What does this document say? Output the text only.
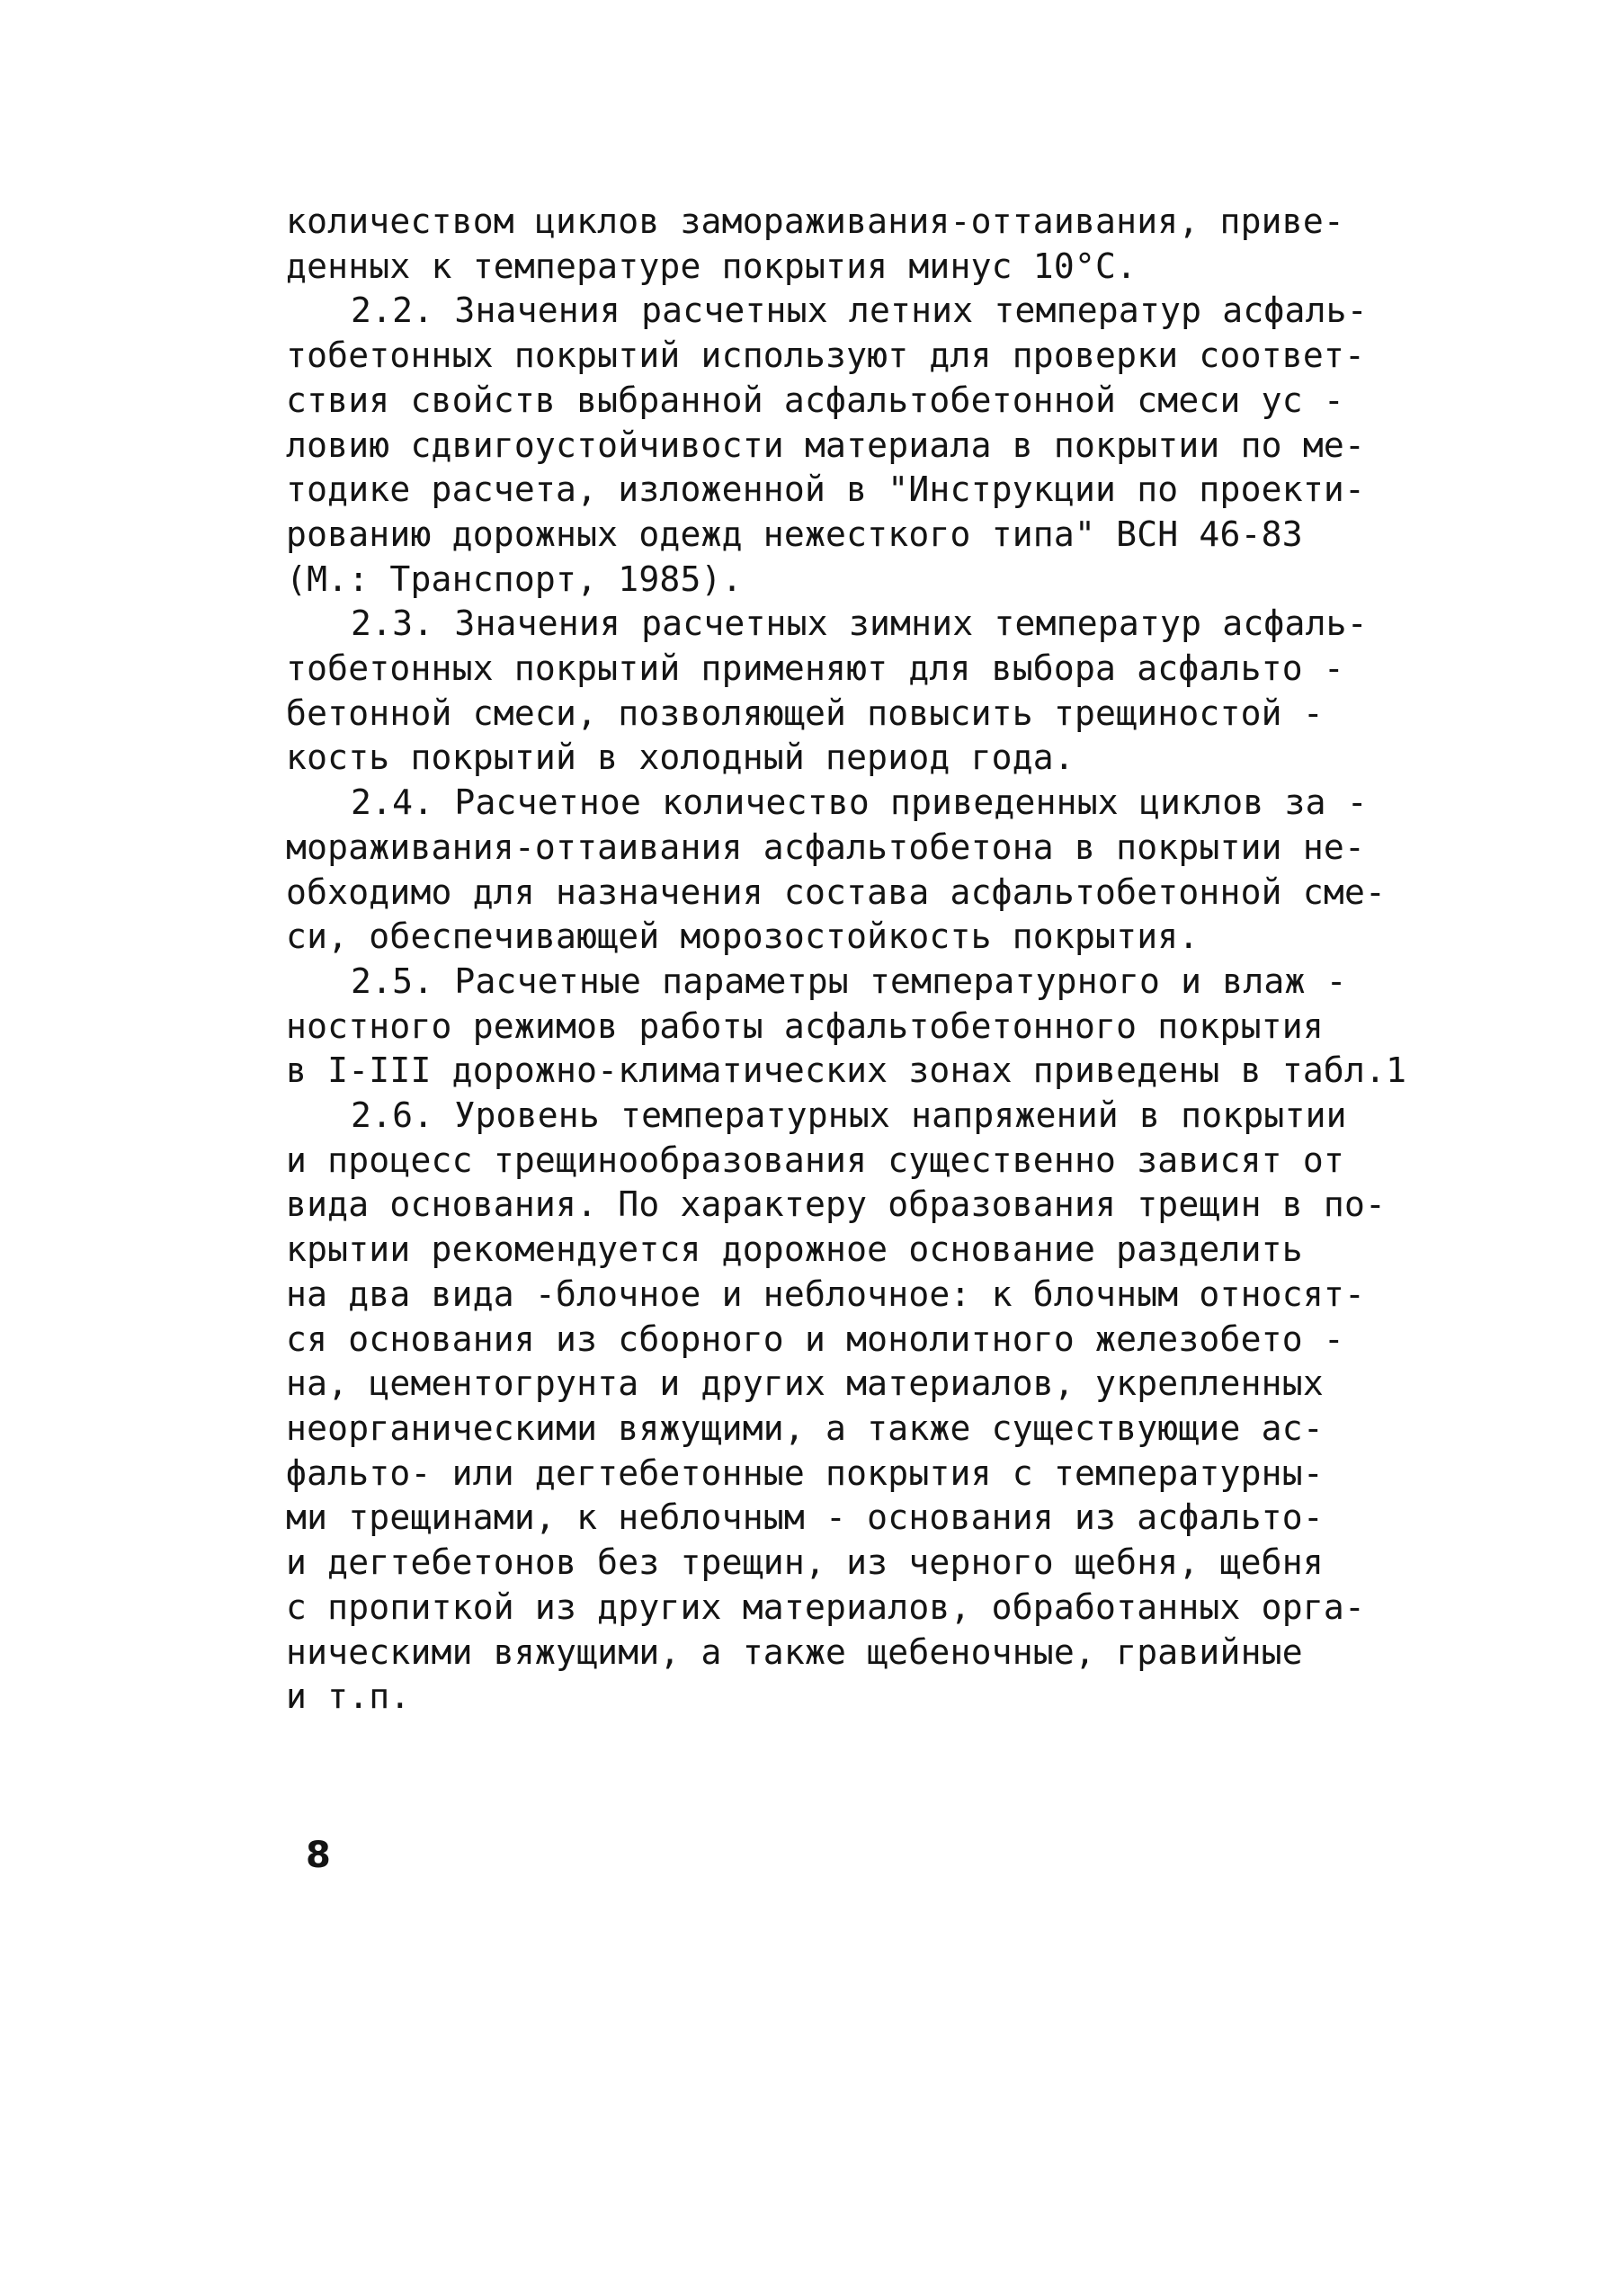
количеством циклов замораживания-оттаивания, приве-
денных к температуре покрытия минус 10°С.
2.2. Значения расчетных летних температур асфаль-
тобетонных покрытий используют для проверки соответ-
ствия свойств выбранной асфальтобетонной смеси ус -
ловию сдвигоустойчивости материала в покрытии по ме-
тодике расчета, изложенной в "Инструкции по проекти-
рованию дорожных одежд нежесткого типа" ВСН 46-83
(М.: Транспорт, 1985).
2.3. Значения расчетных зимних температур асфаль-
тобетонных покрытий применяют для выбора асфальто -
бетонной смеси, позволяющей повысить трещиностой -
кость покрытий в холодный период года.
2.4. Расчетное количество приведенных циклов за -
мораживания-оттаивания асфальтобетона в покрытии не-
обходимо для назначения состава асфальтобетонной сме-
си, обеспечивающей морозостойкость покрытия.
2.5. Расчетные параметры температурного и влаж -
ностного режимов работы асфальтобетонного покрытия
в I-III дорожно-климатических зонах приведены в табл.1
2.6. Уровень температурных напряжений в покрытии
и процесс трещинообразования существенно зависят от
вида основания. По характеру образования трещин в по-
крытии рекомендуется дорожное основание разделить
на два вида -блочное и неблочное: к блочным относят-
ся основания из сборного и монолитного железобето -
на, цементогрунта и других материалов, укрепленных
неорганическими вяжущими, а также существующие ас-
фальто- или дегтебетонные покрытия с температурны-
ми трещинами, к неблочным - основания из асфальто-
и дегтебетонов без трещин, из черного щебня, щебня
с пропиткой из других материалов, обработанных орга-
ническими вяжущими, а также щебеночные, гравийные
и т.п.
8
